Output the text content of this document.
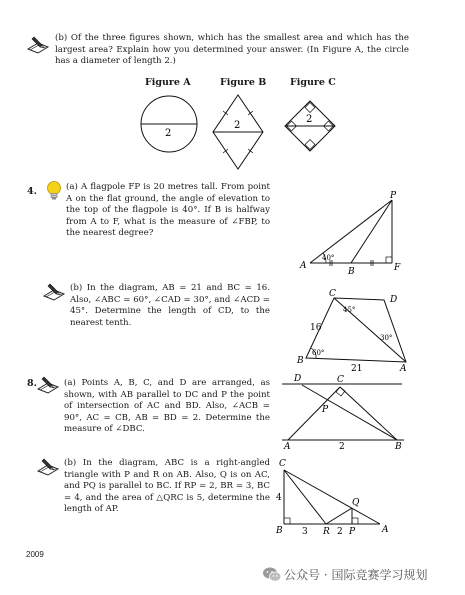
(b) Of the three figures shown, which has the smallest area and which has the largest area? Explain how you determined your answer. (In Figure A, the circle has a diameter of length 2.)
Figure A	Figure B Figure C
2
2
2
4.	(a) A flagpole FP is 20 metres tall. From point A on the flat ground, the angle of elevation to the top of the flagpole is 40°. If B is halfway from A to F, what is the measure of ∠FBP, to the nearest degree?
P
A
B	F
40°
(b) In the diagram, AB = 21 and BC = 16. Also, ∠ABC = 60°, ∠CAD = 30°, and ∠ACD = 45°. Determine the length of CD, to the nearest tenth.
C
D
B
A
45°
30°
60°
16
21
8.	(a) Points A, B, C, and D are arranged, as shown, with AB parallel to DC and P the point of intersection of AC and BD. Also, ∠ACB = 90°, AC = CB, AB = BD = 2. Determine the measure of ∠DBC.
D	C
P
A	B
2
(b) In the diagram, ABC is a right-angled triangle with P and R on AB. Also, Q is on AC, and PQ is parallel to BC. If RP = 2, BR = 3, BC = 4, and the area of △QRC is 5, determine the length of AP.
C
Q
B	R P	A
4
3	2
2009
公众号 · 国际竞赛学习规划
